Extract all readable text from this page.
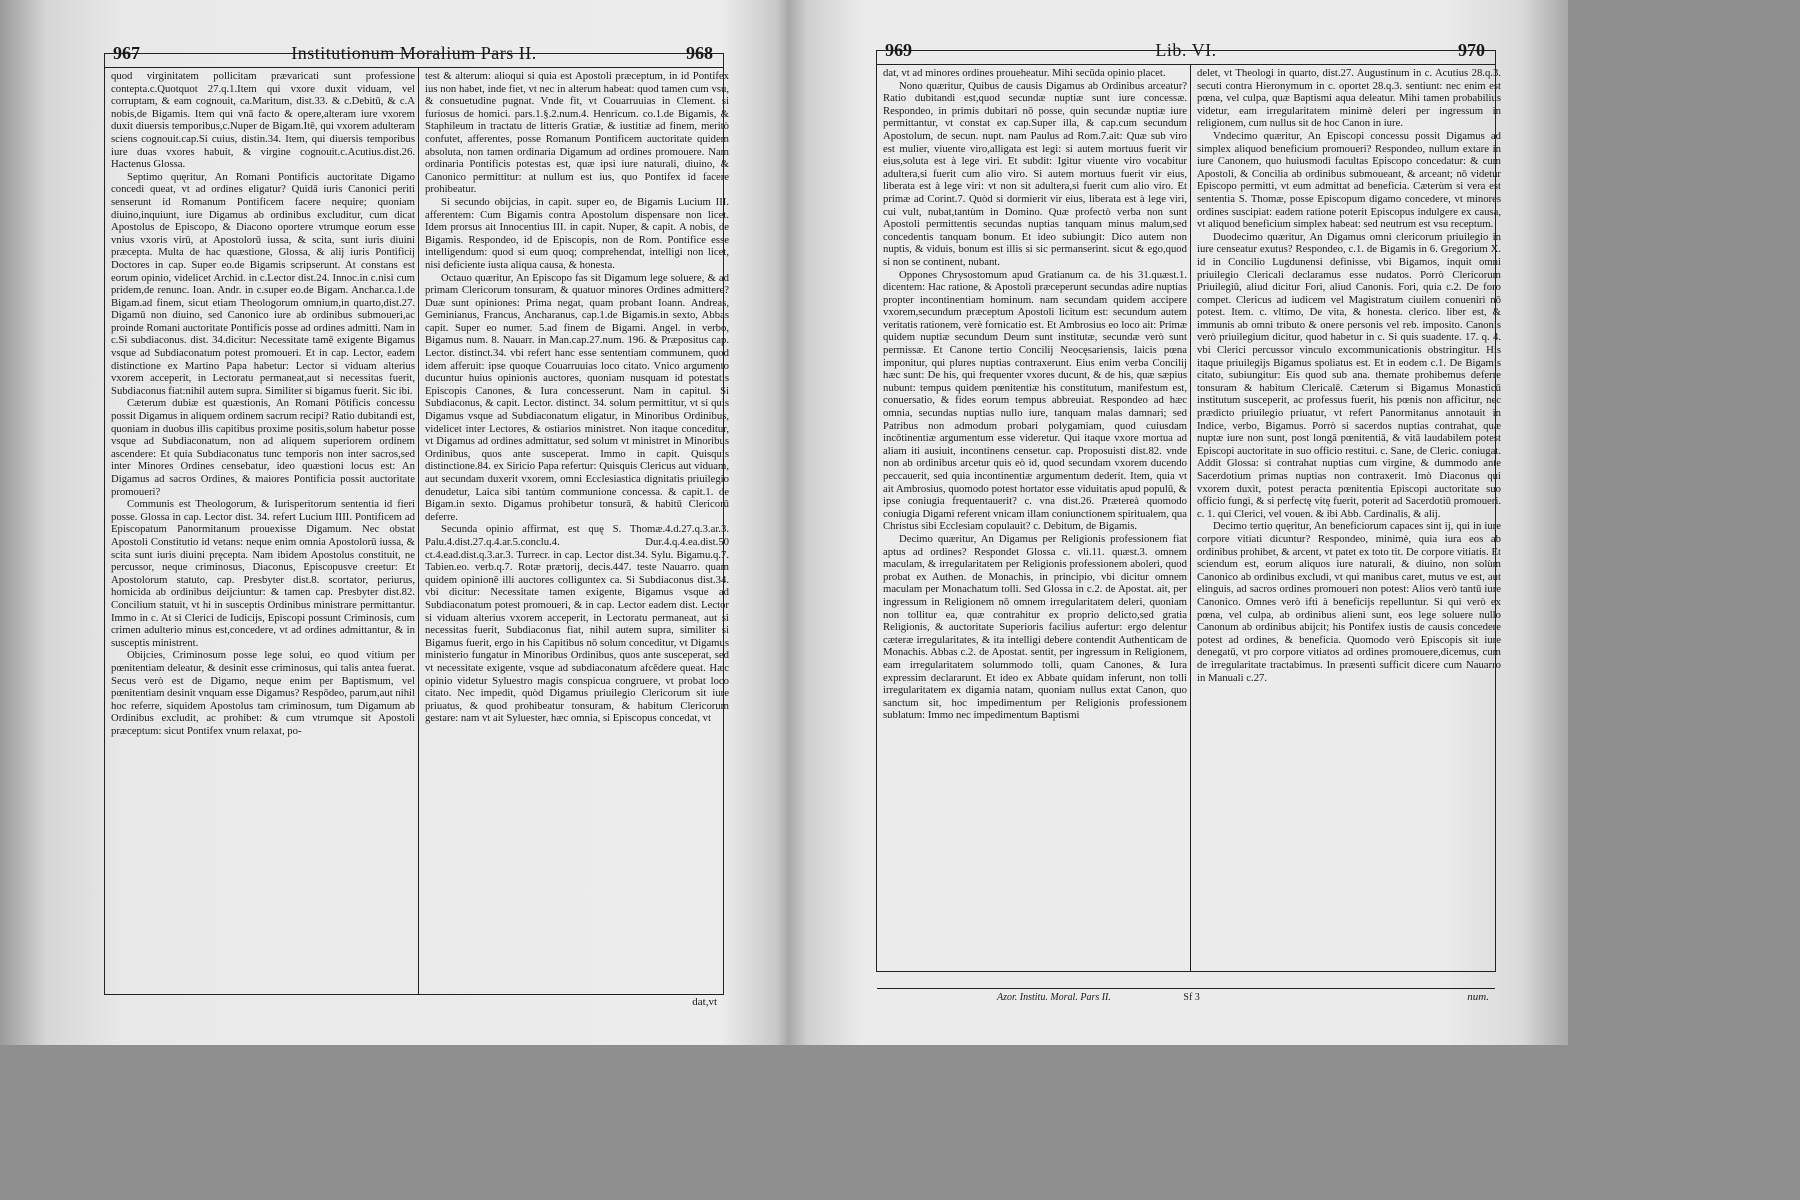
967	Institutionum Moralium Pars II.	968

quod virginitatem pollicitam prævaricati sunt professione contepta.c.Quotquot 27.q.1.Item qui vxore duxit viduam, vel corruptam, & eam cognouit, ca.Maritum, dist.33. & c.Debitū, & c.A nobis,de Bigamis. Item qui vnā facto & opere,alteram iure vxorem duxit diuersis temporibus,c.Nuper de Bigam.Itē, qui vxorem adulteram sciens cognouit.cap.Si cuius, distin.34. Item, qui diuersis temporibus iure duas vxores habuit, & virgine cognouit.c.Acutius.dist.26. Hactenus Glossa.

Septimo quęritur, An Romani Pontificis auctoritate Digamo concedi queat, vt ad ordines eligatur? Quidā iuris Canonici periti senserunt id Romanum Pontificem facere nequire; quoniam diuino,inquiunt, iure Digamus ab ordinibus excluditur, cum dicat Apostolus de Episcopo, & Diacono oportere vtrumque eorum esse vnius vxoris virū, at Apostolorū iussa, & scita, sunt iuris diuini præcepta. Multa de hac quæstione, Glossa, & alij iuris Pontificij Doctores in cap. Super eo.de Bigamis scripserunt. At constans est eorum opinio, videlicet Archid. in c.Lector dist.24. Innoc.in c.nisi cum pridem,de renunc. Ioan. Andr. in c.super eo.de Bigam. Anchar.ca.1.de Bigam.ad finem, sicut etiam Theologorum omnium,in quarto,dist.27. Digamū non diuino, sed Canonico iure ab ordinibus submoueri,ac proinde Romani auctoritate Pontificis posse ad ordines admitti. Nam in c.Si subdiaconus. dist. 34.dicitur: Necessitate tamē exigente Bigamus vsque ad Subdiaconatum potest promoueri. Et in cap. Lector, eadem distinctione ex Martino Papa habetur: Lector si viduam alterius vxorem acceperit, in Lectoratu permaneat,aut si necessitas fuerit, Subdiaconus fiat:nihil autem supra. Similiter si bigamus fuerit. Sic ibi.

Cæterum dubiæ est quæstionis, An Romani Pōtificis concessu possit Digamus in aliquem ordinem sacrum recipi? Ratio dubitandi est, quoniam in duobus illis capitibus proxime positis,solum habetur posse vsque ad Subdiaconatum, non ad aliquem superiorem ordinem ascendere: Et quia Subdiaconatus tunc temporis non inter sacros,sed inter Minores Ordines censebatur, ideo quæstioni locus est: An Digamus ad sacros Ordines, & maiores Pontificia possit auctoritate promoueri?

Communis est Theologorum, & Iurisperitorum sententia id fieri posse. Glossa in cap. Lector dist. 34. refert Lucium IIII. Pontificem ad Episcopatum Panormitanum prouexisse Digamum. Nec obstat Apostoli Constitutio id vetans: neque enim omnia Apostolorū iussa, & scita sunt iuris diuini pręcepta. Nam ibidem Apostolus constituit, ne percussor, neque criminosus, Diaconus, Episcopusve creetur: Et Apostolorum statuto, cap. Presbyter dist.8. scortator, periurus, homicida ab ordinibus deijciuntur: & tamen cap. Presbyter dist.82. Concilium statuit, vt hi in susceptis Ordinibus ministrare permittantur. Immo in c. At si Clerici de Iudicijs, Episcopi possunt Criminosis, cum crimen adulterio minus est,concedere, vt ad ordines admittantur, & in susceptis ministrent.

Obijcies, Criminosum posse lege solui, eo quod vitium per pœnitentiam deleatur, & desinit esse criminosus, qui talis antea fuerat. Secus verò est de Digamo, neque enim per Baptismum, vel pœnitentiam desinit vnquam esse Digamus? Respōdeo, parum,aut nihil hoc referre, siquidem Apostolus tam criminosum, tum Digamum ab Ordinibus excludit, ac prohibet: & cum vtrumque sit Apostoli præceptum: sicut Pontifex vnum relaxat, po-

test & alterum: alioqui si quia est Apostoli præceptum, in id Pontifex ius non habet, inde fiet, vt nec in alterum habeat: quod tamen cum vsu, & consuetudine pugnat. Vnde fit, vt Couarruuias in Clement. si furiosus de homici. pars.1.§.2.num.4. Henricum. co.1.de Bigamis, & Staphileum in tractatu de litteris Gratiæ, & iustitiæ ad finem, meritò confutet, afferentes, posse Romanum Pontificem auctoritate quidem absoluta, non tamen ordinaria Digamum ad ordines promouere. Nam ordinaria Pontificis potestas est, quæ ipsi iure naturali, diuino, & Canonico permittitur: at nullum est ius, quo Pontifex id facere prohibeatur.

Si secundo obijcias, in capit. super eo, de Bigamis Lucium III. afferentem: Cum Bigamis contra Apostolum dispensare non licet. Idem prorsus ait Innocentius III. in capit. Nuper, & capit. A nobis, de Bigamis. Respondeo, id de Episcopis, non de Rom. Pontifice esse intelligendum: quod si eum quoq; comprehendat, intelligi non licet, nisi deficiente iusta aliqua causa, & honesta.

Octauo quæritur, An Episcopo fas sit Digamum lege soluere, & ad primam Clericorum tonsuram, & quatuor minores Ordines admittere? Duæ sunt opiniones: Prima negat, quam probant Ioann. Andreas, Geminianus, Francus, Ancharanus, cap.1.de Bigamis.in sexto, Abbas capit. Super eo numer. 5.ad finem de Bigami. Angel. in verbo, Bigamus num. 8. Nauarr. in Man.cap.27.num. 196. & Præpositus cap. Lector. distinct.34. vbi refert hanc esse sententiam communem, quod idem afferuit: ipse quoque Couarruuias loco citato. Vnico argumento ducuntur huius opinionis auctores, quoniam nusquam id potestatis Episcopis Canones, & Iura concesserunt. Nam in capitul. Si Subdiaconus, & capit. Lector. distinct. 34. solum permittitur, vt si quis Digamus vsque ad Subdiaconatum eligatur, in Minoribus Ordinibus, videlicet inter Lectores, & ostiarios ministret. Non itaque conceditur, vt Digamus ad ordines admittatur, sed solum vt ministret in Minoribus Ordinibus, quos ante susceperat. Immo in capit. Quisquis distinctione.84. ex Siricio Papa refertur: Quisquis Clericus aut viduam, aut secundam duxerit vxorem, omni Ecclesiastica dignitatis priuilegio denudetur, Laica sibi tantùm communione concessa. & capit.1. de Bigam.in sexto. Digamus prohibetur tonsurā, & habitū Clericorū deferre.

Secunda opinio affirmat, est quę S. Thomæ.4.d.27.q.3.ar.3. Palu.4.dist.27.q.4.ar.5.conclu.4. Dur.4.q.4.ea.dist.50 ct.4.ead.dist.q.3.ar.3. Turrecr. in cap. Lector dist.34. Sylu. Bigamu.q.7. Tabien.eo. verb.q.7. Rotæ prætorij, decis.447. teste Nauarro. quam quidem opinionē illi auctores colliguntex ca. Si Subdiaconus dist.34. vbi dicitur: Necessitate tamen exigente, Bigamus vsque ad Subdiaconatum potest promoueri, & in cap. Lector eadem dist. Lector si viduam alterius vxorem acceperit, in Lectoratu permaneat, aut si necessitas fuerit, Subdiaconus fiat, nihil autem supra, similiter si Bigamus fuerit, ergo in his Capitibus nō solum conceditur, vt Digamus ministerio fungatur in Minoribus Ordinibus, quos ante susceperat, sed vt necessitate exigente, vsque ad subdiaconatum afcēdere queat. Hæc opinio videtur Syluestro magis conspicua congruere, vt probat loco citato. Nec impedit, quòd Digamus priuilegio Clericorum sit iure priuatus, & quod prohibeatur tonsuram, & habitum Clericorum gestare: nam vt ait Syluester, hæc omnia, si Episcopus concedat, vt

dat,vt
969	Lib. VI.	970

dat, vt ad minores ordines proueheatur. Mihi secūda opinio placet.

Nono quæritur, Quibus de causis Digamus ab Ordinibus arceatur? Ratio dubitandi est,quod secundæ nuptiæ sunt iure concessæ. Respondeo, in primis dubitari nō posse, quin secundæ nuptiæ iure permittantur, vt constat ex cap.Super illa, & cap.cum secundum Apostolum, de secun. nupt. nam Paulus ad Rom.7.ait: Quæ sub viro est mulier, viuente viro,alligata est legi: si autem mortuus fuerit vir eius,soluta est à lege viri. Et subdit: Igitur viuente viro vocabitur adultera,si fuerit cum alio viro. Si autem mortuus fuerit vir eius, liberata est à lege viri: vt non sit adultera,si fuerit cum alio viro. Et primæ ad Corint.7. Quòd si dormierit vir eius, liberata est à lege viri, cui vult, nubat,tantùm in Domino. Quæ profectò verba non sunt Apostoli permittentis secundas nuptias tanquam minus malum,sed concedentis tanquam bonum. Et ideo subiungit: Dico autem non nuptis, & viduis, bonum est illis si sic permanserint. sicut & ego,quod si non se continent, nubant.

Oppones Chrysostomum apud Gratianum ca. de his 31.quæst.1. dicentem: Hac ratione, & Apostoli præceperunt secundas adire nuptias propter incontinentiam hominum. nam secundam quidem accipere vxorem,secundum præceptum Apostoli licitum est: secundum autem veritatis rationem, verè fornicatio est. Et Ambrosius eo loco ait: Primæ quidem nuptiæ secundum Deum sunt institutæ, secundæ verò sunt permissæ. Et Canone tertio Concilij Neocęsariensis, laicis pœna imponitur, qui plures nuptias contraxerunt. Eius enim verba Concilij hæc sunt: De his, qui frequenter vxores ducunt, & de his, quæ sæpius nubunt: tempus quidem pœnitentiæ his constitutum, manifestum est, conuersatio, & fides eorum tempus abbreuiat. Respondeo ad hæc omnia, secundas nuptias nullo iure, tanquam malas damnari; sed Patribus non admodum probari polygamiam, quod cuiusdam incōtinentiæ argumentum esse videretur. Qui itaque vxore mortua ad aliam iti ausiuit, incontinens censetur. cap. Proposuisti dist.82. vnde non ab ordinibus arcetur quis eò id, quod secundam vxorem ducendo peccauerit, sed quia incontinentiæ argumentum dederit. Item, quia vt ait Ambrosius, quomodo potest hortator esse viduitatis apud populū, & ipse coniugia frequentauerit? c. vna dist.26. Prætereà quomodo coniugia Digami referent vnicam illam coniunctionem spiritualem, qua Christus sibi Ecclesiam copulauit? c. Debitum, de Bigamis.

Decimo quæritur, An Digamus per Religionis professionem fiat aptus ad ordines? Respondet Glossa c. vli.11. quæst.3. omnem maculam, & irregularitatem per Religionis professionem aboleri, quod probat ex Authen. de Monachis, in principio, vbi dicitur omnem maculam per Monachatum tolli. Sed Glossa in c.2. de Apostat. ait, per ingressum in Religionem nō omnem irregularitatem deleri, quoniam non tollitur ea, quæ contrahitur ex proprio delicto,sed gratia Religionis, & auctoritate Superioris facilius aufertur: ergo delentur cæteræ irregularitates, & ita intelligi debere contendit Authenticam de Monachis. Abbas c.2. de Apostat. sentit, per ingressum in Religionem, eam irregularitatem solummodo tolli, quam Canones, & Iura expressim declararunt. Et ideo ex Abbate quidam inferunt, non tolli irregularitatem ex digamia natam, quoniam nullus extat Canon, quo sanctum sit, hoc impedimentum per Religionis professionem sublatum: Immo nec impedimentum Baptismi

delet, vt Theologi in quarto, dist.27. Augustinum in c. Acutius 28.q.3. secuti contra Hieronymum in c. oportet 28.q.3. sentiunt: nec enim est pœna, vel culpa, quæ Baptismi aqua deleatur. Mihi tamen probabilius videtur, eam irregularitatem minimè deleri per ingressum in religionem, cum nullus sit de hoc Canon in iure.

Vndecimo quæritur, An Episcopi concessu possit Digamus ad simplex aliquod beneficium promoueri? Respondeo, nullum extare in iure Canonem, quo huiusmodi facultas Episcopo concedatur: & cum Apostoli, & Concilia ab ordinibus submoueant, & arceant; nō videtur Episcopo permitti, vt eum admittat ad beneficia. Cæterùm si vera est sententia S. Thomæ, posse Episcopum digamo concedere, vt minores ordines suscipiat: eadem ratione poterit Episcopus indulgere ex causa, vt aliquod beneficium simplex habeat: sed neutrum est vsu receptum.

Duodecimo quæritur, An Digamus omni clericorum priuilegio in iure censeatur exutus? Respondeo, c.1. de Bigamis in 6. Gregorium X. id in Concilio Lugdunensi definisse, vbi Bigamos, inquit omni priuilegio Clericali declaramus esse nudatos. Porrò Clericorum Priuilegiū, aliud dicitur Fori, aliud Canonis. Fori, quia c.2. De foro compet. Clericus ad iudicem vel Magistratum ciuilem conueniri nō potest. Item. c. vltimo, De vita, & honesta. clerico. liber est, & immunis ab omni tributo & onere personis vel reb. imposito. Canonis verò priuilegium dicitur, quod habetur in c. Si quis suadente. 17. q. 4. vbi Clerici percussor vinculo excommunicationis obstringitur. His itaque priuilegijs Bigamus spoliatus est. Et in eodem c.1. De Bigamis citato, subiungitur: Eis quod sub ana. themate prohibemus deferre tonsuram & habitum Clericalē. Cæterum si Bigamus Monasticū institutum susceperit, ac professus fuerit, his pœnis non afficitur, nec prædicto priuilegio priuatur, vt refert Panormitanus annotauit in Indice, verbo, Bigamus. Porrò si sacerdos nuptias contrahat, quæ nuptæ iure non sunt, post longā pœnitentiā, & vitā laudabilem potest Episcopi auctoritate in suo officio restitui. c. Sane, de Cleric. coniugat. Addit Glossa: si contrahat nuptias cum virgine, & dummodo ante Sacerdotium primas nuptias non contraxerit. Imò Diaconus qui vxorem duxit, potest peracta pœnitentia Episcopi auctoritate suo officio fungi, & si perfectę vitę fuerit, poterit ad Sacerdotiū promoueri. c. 1. qui Clerici, vel vouen. & ibi Abb. Cardinalis, & alij.

Decimo tertio quęritur, An beneficiorum capaces sint ij, qui in iure corpore vitiati dicuntur? Respondeo, minimè, quia iura eos ab ordinibus prohibet, & arcent, vt patet ex toto tit. De corpore vitiatis. Et sciendum est, eorum aliquos iure naturali, & diuino, non solùm Canonico ab ordinibus excludi, vt qui manibus caret, mutus ve est, aut elinguis, ad sacros ordines promoueri non potest: Alios verò tantū iure Canonico. Omnes verò ifti à beneficijs repelluntur. Si qui verò ex pœna, vel culpa, ab ordinibus alieni sunt, eos lege soluere nullo Canonum ab ordinibus abijcit; his Pontifex iustis de causis concedere potest ad ordines, & beneficia. Quomodo verò Episcopis sit iure denegatū, vt pro corpore vitiatos ad ordines promouere,dicemus, cum de irregularitate tractabimus. In præsenti sufficit dicere cum Nauarro in Manuali c.27.

Azor. Institu. Moral. Pars II.	Sf 3	num.
